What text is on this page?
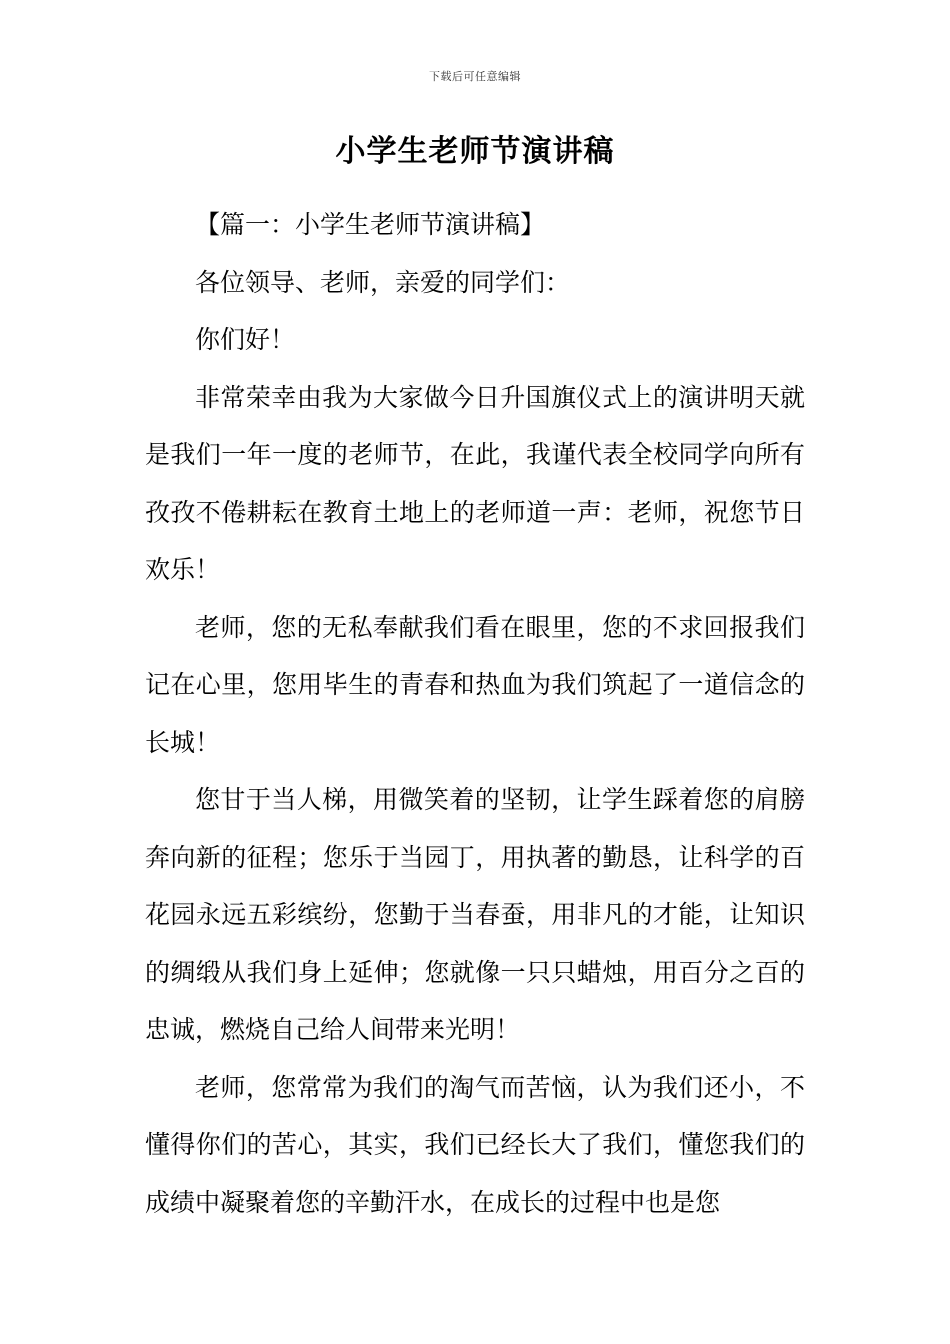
下载后可任意编辑
小学生老师节演讲稿

【篇一：小学生老师节演讲稿】

各位领导、老师，亲爱的同学们：

你们好！

非常荣幸由我为大家做今日升国旗仪式上的演讲明天就是我们一年一度的老师节，在此，我谨代表全校同学向所有孜孜不倦耕耘在教育土地上的老师道一声：老师，祝您节日欢乐！

老师，您的无私奉献我们看在眼里，您的不求回报我们记在心里，您用毕生的青春和热血为我们筑起了一道信念的长城！

您甘于当人梯，用微笑着的坚韧，让学生踩着您的肩膀奔向新的征程；您乐于当园丁，用执著的勤恳，让科学的百花园永远五彩缤纷，您勤于当春蚕，用非凡的才能，让知识的绸缎从我们身上延伸；您就像一只只蜡烛，用百分之百的忠诚，燃烧自己给人间带来光明！

老师，您常常为我们的淘气而苦恼，认为我们还小，不懂得你们的苦心，其实，我们已经长大了我们，懂您我们的成绩中凝聚着您的辛勤汗水，在成长的过程中也是您
